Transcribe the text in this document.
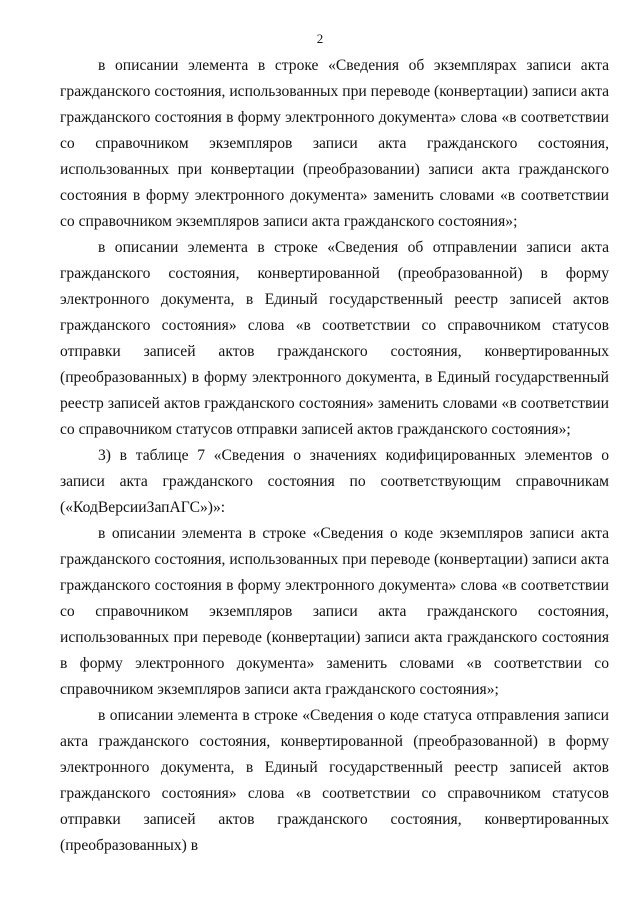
2

в описании элемента в строке «Сведения об экземплярах записи акта гражданского состояния, использованных при переводе (конвертации) записи акта гражданского состояния в форму электронного документа» слова «в соответствии со справочником экземпляров записи акта гражданского состояния, использованных при конвертации (преобразовании) записи акта гражданского состояния в форму электронного документа» заменить словами «в соответствии со справочником экземпляров записи акта гражданского состояния»;

в описании элемента в строке «Сведения об отправлении записи акта гражданского состояния, конвертированной (преобразованной) в форму электронного документа, в Единый государственный реестр записей актов гражданского состояния» слова «в соответствии со справочником статусов отправки записей актов гражданского состояния, конвертированных (преобразованных) в форму электронного документа, в Единый государственный реестр записей актов гражданского состояния» заменить словами «в соответствии со справочником статусов отправки записей актов гражданского состояния»;

3) в таблице 7 «Сведения о значениях кодифицированных элементов о записи акта гражданского состояния по соответствующим справочникам («КодВерсииЗапАГС»)»:

в описании элемента в строке «Сведения о коде экземпляров записи акта гражданского состояния, использованных при переводе (конвертации) записи акта гражданского состояния в форму электронного документа» слова «в соответствии со справочником экземпляров записи акта гражданского состояния, использованных при переводе (конвертации) записи акта гражданского состояния в форму электронного документа» заменить словами «в соответствии со справочником экземпляров записи акта гражданского состояния»;

в описании элемента в строке «Сведения о коде статуса отправления записи акта гражданского состояния, конвертированной (преобразованной) в форму электронного документа, в Единый государственный реестр записей актов гражданского состояния» слова «в соответствии со справочником статусов отправки записей актов гражданского состояния, конвертированных (преобразованных) в
